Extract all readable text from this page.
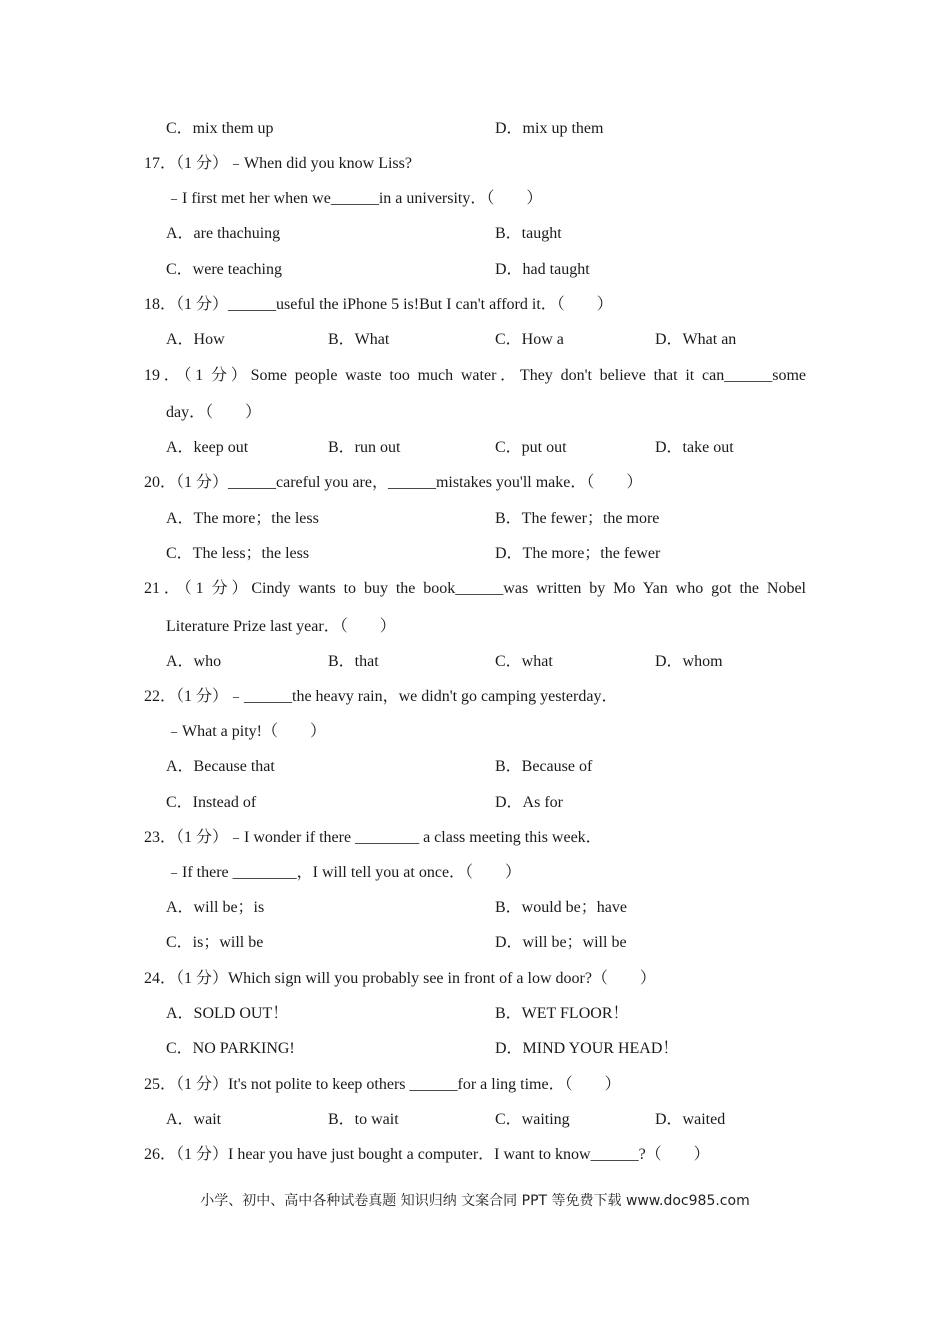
C．mix them up	D．mix up them
17．（1 分）﹣When did you know Liss?
﹣I first met her when we______in a university．（　　）
A．are thachuing	B．taught
C．were teaching	D．had taught
18．（1 分）______useful the iPhone 5 is!But I can't afford it．（　　）
A．How	B．What	C．How a	D．What an
19．（1 分）Some people waste too much water．They don't believe that it can______some
day．（　　）
A．keep out	B．run out	C．put out	D．take out
20．（1 分）______careful you are，______mistakes you'll make．（　　）
A．The more；the less	B．The fewer；the more
C．The less；the less	D．The more；the fewer
21．（1 分）Cindy wants to buy the book______was written by Mo Yan who got the Nobel
Literature Prize last year．（　　）
A．who	B．that	C．what	D．whom
22．（1 分）﹣______the heavy rain，we didn't go camping yesterday．
﹣What a pity!（　　）
A．Because that	B．Because of
C．Instead of	D．As for
23．（1 分）﹣I wonder if there ________ a class meeting this week．
﹣If there ________，I will tell you at once．（　　）
A．will be；is	B．would be；have
C．is；will be	D．will be；will be
24．（1 分）Which sign will you probably see in front of a low door?（　　）
A．SOLD OUT！	B．WET FLOOR！
C．NO PARKING!	D．MIND YOUR HEAD！
25．（1 分）It's not polite to keep others ______for a ling time．（　　）
A．wait	B．to wait	C．waiting	D．waited
26．（1 分）I hear you have just bought a computer．I want to know______?（　　）
小学、初中、高中各种试卷真题 知识归纳 文案合同 PPT 等免费下载 www.doc985.com
